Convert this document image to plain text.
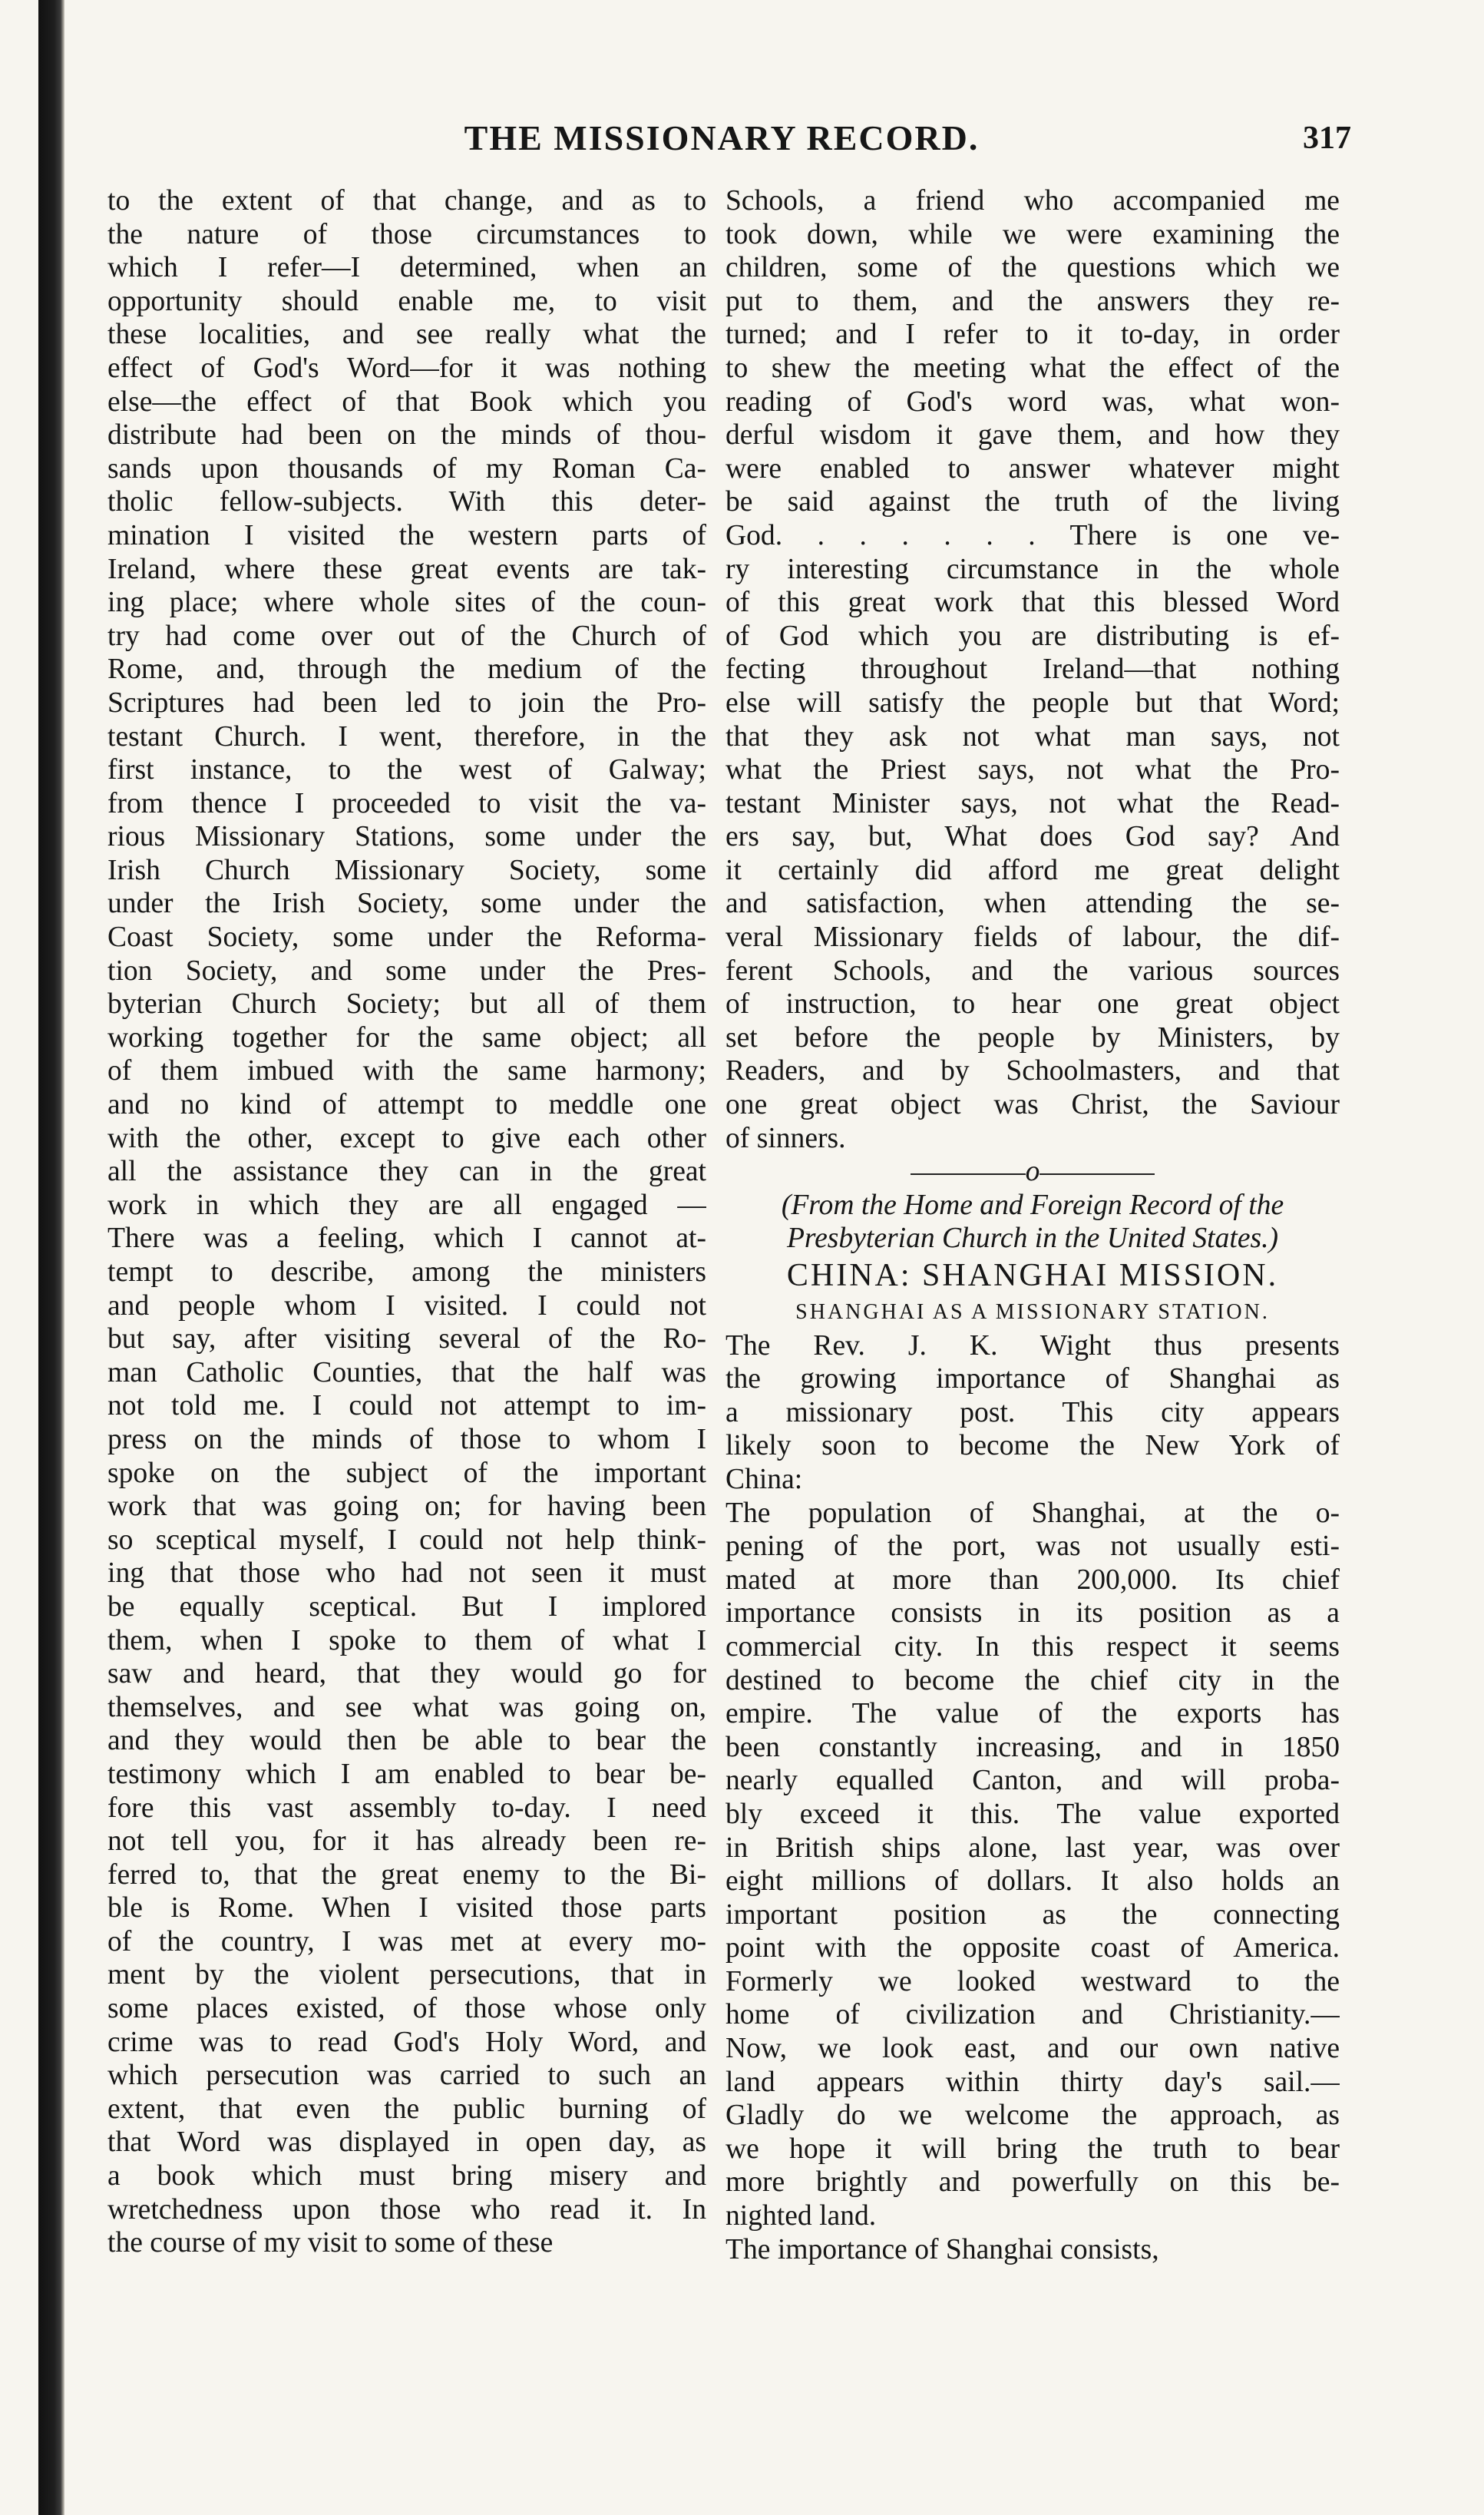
THE MISSIONARY RECORD.	317
to the extent of that change, and as to
the nature of those circumstances to
which I refer—I determined, when an
opportunity should enable me, to visit
these localities, and see really what the
effect of God's Word—for it was nothing
else—the effect of that Book which you
distribute had been on the minds of thou-
sands upon thousands of my Roman Ca-
tholic fellow-subjects. With this deter-
mination I visited the western parts of
Ireland, where these great events are tak-
ing place; where whole sites of the coun-
try had come over out of the Church of
Rome, and, through the medium of the
Scriptures had been led to join the Pro-
testant Church. I went, therefore, in the
first instance, to the west of Galway;
from thence I proceeded to visit the va-
rious Missionary Stations, some under the
Irish Church Missionary Society, some
under the Irish Society, some under the
Coast Society, some under the Reforma-
tion Society, and some under the Pres-
byterian Church Society; but all of them
working together for the same object; all
of them imbued with the same harmony;
and no kind of attempt to meddle one
with the other, except to give each other
all the assistance they can in the great
work in which they are all engaged —
There was a feeling, which I cannot at-
tempt to describe, among the ministers
and people whom I visited. I could not
but say, after visiting several of the Ro-
man Catholic Counties, that the half was
not told me. I could not attempt to im-
press on the minds of those to whom I
spoke on the subject of the important
work that was going on; for having been
so sceptical myself, I could not help think-
ing that those who had not seen it must
be equally sceptical. But I implored
them, when I spoke to them of what I
saw and heard, that they would go for
themselves, and see what was going on,
and they would then be able to bear the
testimony which I am enabled to bear be-
fore this vast assembly to-day. I need
not tell you, for it has already been re-
ferred to, that the great enemy to the Bi-
ble is Rome. When I visited those parts
of the country, I was met at every mo-
ment by the violent persecutions, that in
some places existed, of those whose only
crime was to read God's Holy Word, and
which persecution was carried to such an
extent, that even the public burning of
that Word was displayed in open day, as
a book which must bring misery and
wretchedness upon those who read it. In
the course of my visit to some of these
Schools, a friend who accompanied me
took down, while we were examining the
children, some of the questions which we
put to them, and the answers they re-
turned; and I refer to it to-day, in order
to shew the meeting what the effect of the
reading of God's word was, what won-
derful wisdom it gave them, and how they
were enabled to answer whatever might
be said against the truth of the living
God. . . . . . . There is one ve-
ry interesting circumstance in the whole
of this great work that this blessed Word
of God which you are distributing is ef-
fecting throughout Ireland—that nothing
else will satisfy the people but that Word;
that they ask not what man says, not
what the Priest says, not what the Pro-
testant Minister says, not what the Read-
ers say, but, What does God say? And
it certainly did afford me great delight
and satisfaction, when attending the se-
veral Missionary fields of labour, the dif-
ferent Schools, and the various sources
of instruction, to hear one great object
set before the people by Ministers, by
Readers, and by Schoolmasters, and that
one great object was Christ, the Saviour
of sinners.
o
(From the Home and Foreign Record of the
Presbyterian Church in the United States.)
CHINA: SHANGHAI MISSION.
SHANGHAI AS A MISSIONARY STATION.
The Rev. J. K. Wight thus presents
the growing importance of Shanghai as
a missionary post. This city appears
likely soon to become the New York of
China:
The population of Shanghai, at the o-
pening of the port, was not usually esti-
mated at more than 200,000. Its chief
importance consists in its position as a
commercial city. In this respect it seems
destined to become the chief city in the
empire. The value of the exports has
been constantly increasing, and in 1850
nearly equalled Canton, and will proba-
bly exceed it this. The value exported
in British ships alone, last year, was over
eight millions of dollars. It also holds an
important position as the connecting
point with the opposite coast of America.
Formerly we looked westward to the
home of civilization and Christianity.—
Now, we look east, and our own native
land appears within thirty day's sail.—
Gladly do we welcome the approach, as
we hope it will bring the truth to bear
more brightly and powerfully on this be-
nighted land.
The importance of Shanghai consists,
